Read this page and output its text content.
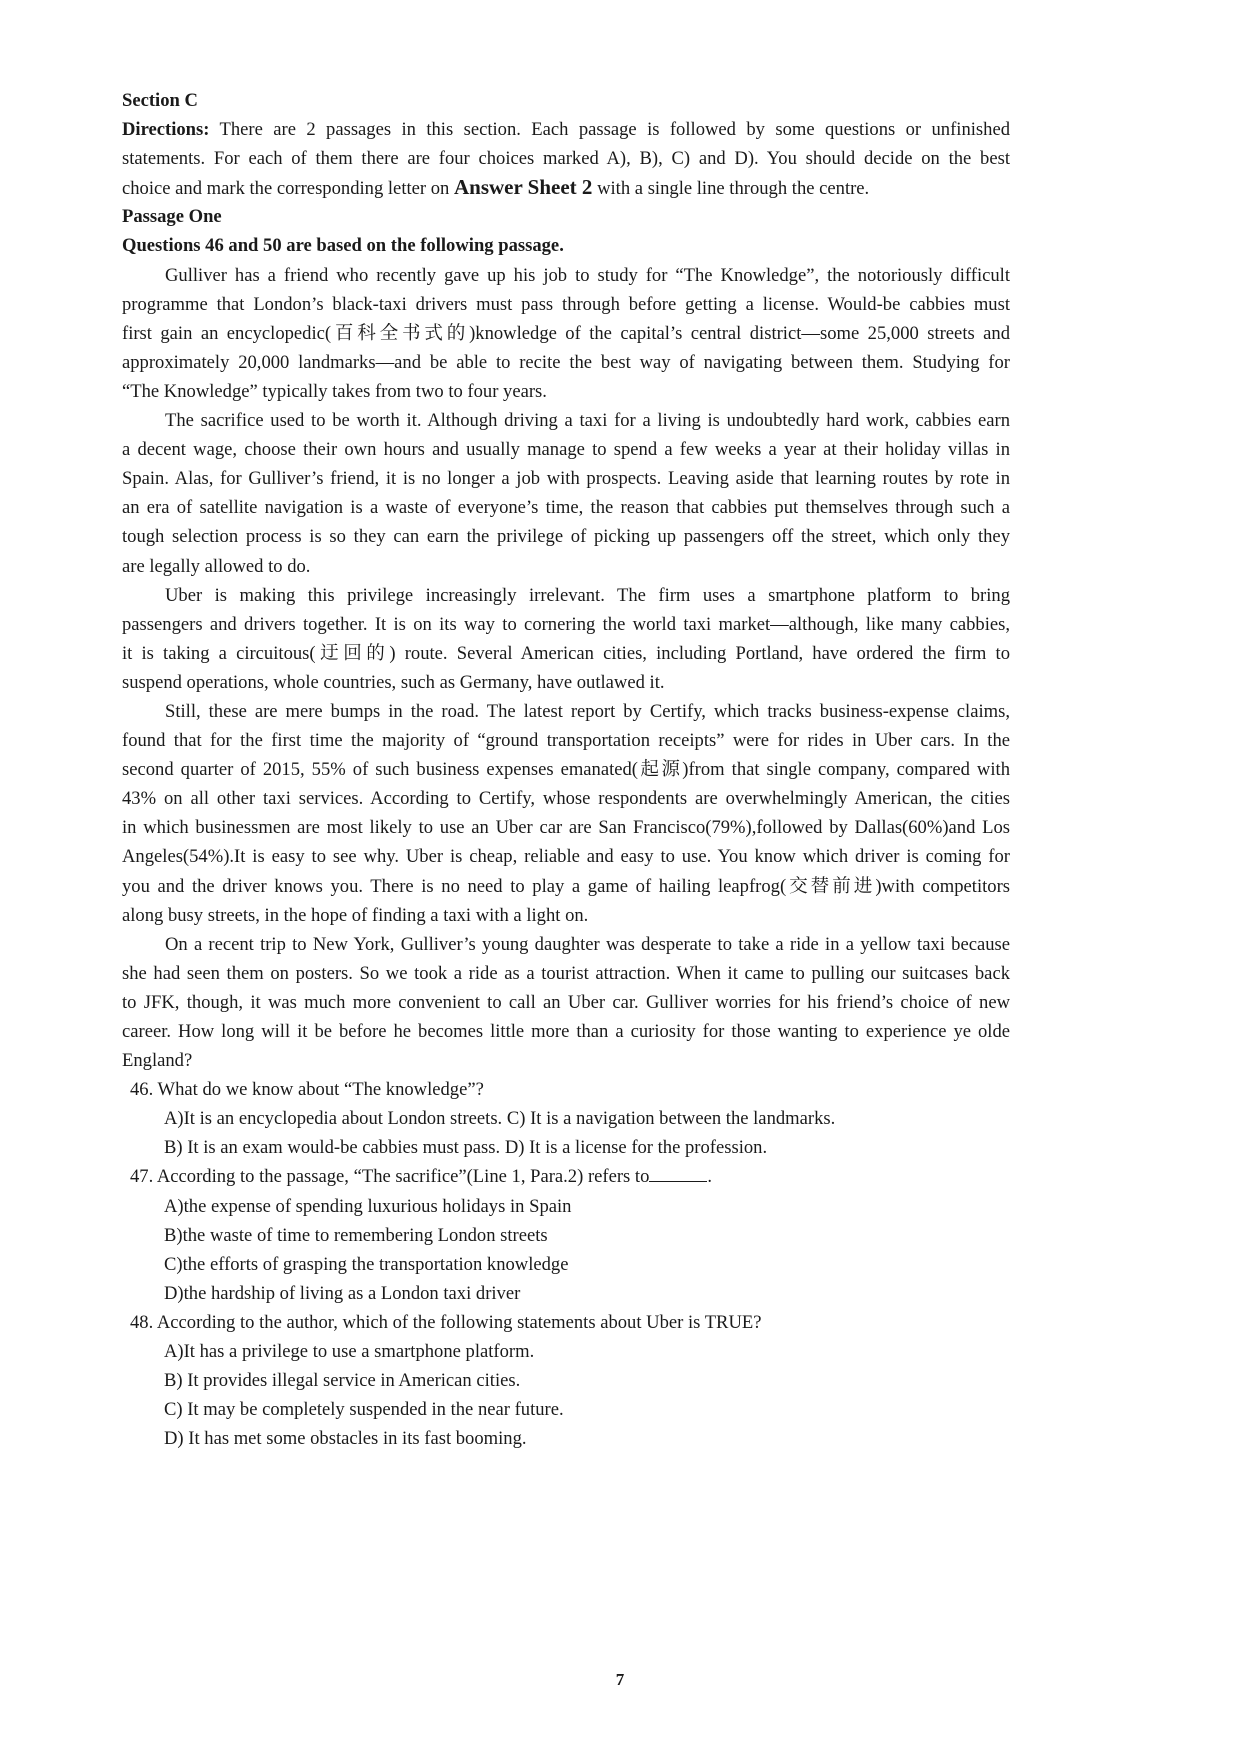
Section C
Directions: There are 2 passages in this section. Each passage is followed by some questions or unfinished
statements. For each of them there are four choices marked A), B), C) and D). You should decide on the best
choice and mark the corresponding letter on Answer Sheet 2 with a single line through the centre.
Passage One
Questions 46 and 50 are based on the following passage.
Gulliver has a friend who recently gave up his job to study for “The Knowledge”, the notoriously difficult
programme that London’s black-taxi drivers must pass through before getting a license. Would-be cabbies must
first gain an encyclopedic(百科全书式的)knowledge of the capital’s central district—some 25,000 streets and
approximately 20,000 landmarks—and be able to recite the best way of navigating between them. Studying for
“The Knowledge” typically takes from two to four years.
The sacrifice used to be worth it. Although driving a taxi for a living is undoubtedly hard work, cabbies earn
a decent wage, choose their own hours and usually manage to spend a few weeks a year at their holiday villas in
Spain. Alas, for Gulliver’s friend, it is no longer a job with prospects. Leaving aside that learning routes by rote in
an era of satellite navigation is a waste of everyone’s time, the reason that cabbies put themselves through such a
tough selection process is so they can earn the privilege of picking up passengers off the street, which only they
are legally allowed to do.
Uber is making this privilege increasingly irrelevant. The firm uses a smartphone platform to bring
passengers and drivers together. It is on its way to cornering the world taxi market—although, like many cabbies,
it is taking a circuitous(迂回的) route. Several American cities, including Portland, have ordered the firm to
suspend operations, whole countries, such as Germany, have outlawed it.
Still, these are mere bumps in the road. The latest report by Certify, which tracks business-expense claims,
found that for the first time the majority of “ground transportation receipts” were for rides in Uber cars. In the
second quarter of 2015, 55% of such business expenses emanated(起源)from that single company, compared with
43% on all other taxi services. According to Certify, whose respondents are overwhelmingly American, the cities
in which businessmen are most likely to use an Uber car are San Francisco(79%),followed by Dallas(60%)and Los
Angeles(54%).It is easy to see why. Uber is cheap, reliable and easy to use. You know which driver is coming for
you and the driver knows you. There is no need to play a game of hailing leapfrog(交替前进)with competitors
along busy streets, in the hope of finding a taxi with a light on.
On a recent trip to New York, Gulliver’s young daughter was desperate to take a ride in a yellow taxi because
she had seen them on posters. So we took a ride as a tourist attraction. When it came to pulling our suitcases back
to JFK, though, it was much more convenient to call an Uber car. Gulliver worries for his friend’s choice of new
career. How long will it be before he becomes little more than a curiosity for those wanting to experience ye olde
England?
46. What do we know about “The knowledge”?
A)It is an encyclopedia about London streets. C) It is a navigation between the landmarks.
B) It is an exam would-be cabbies must pass. D) It is a license for the profession.
47. According to the passage, “The sacrifice”(Line 1, Para.2) refers to	.
A)the expense of spending luxurious holidays in Spain
B)the waste of time to remembering London streets
C)the efforts of grasping the transportation knowledge
D)the hardship of living as a London taxi driver
48. According to the author, which of the following statements about Uber is TRUE?
A)It has a privilege to use a smartphone platform.
B) It provides illegal service in American cities.
C) It may be completely suspended in the near future.
D) It has met some obstacles in its fast booming.
7
